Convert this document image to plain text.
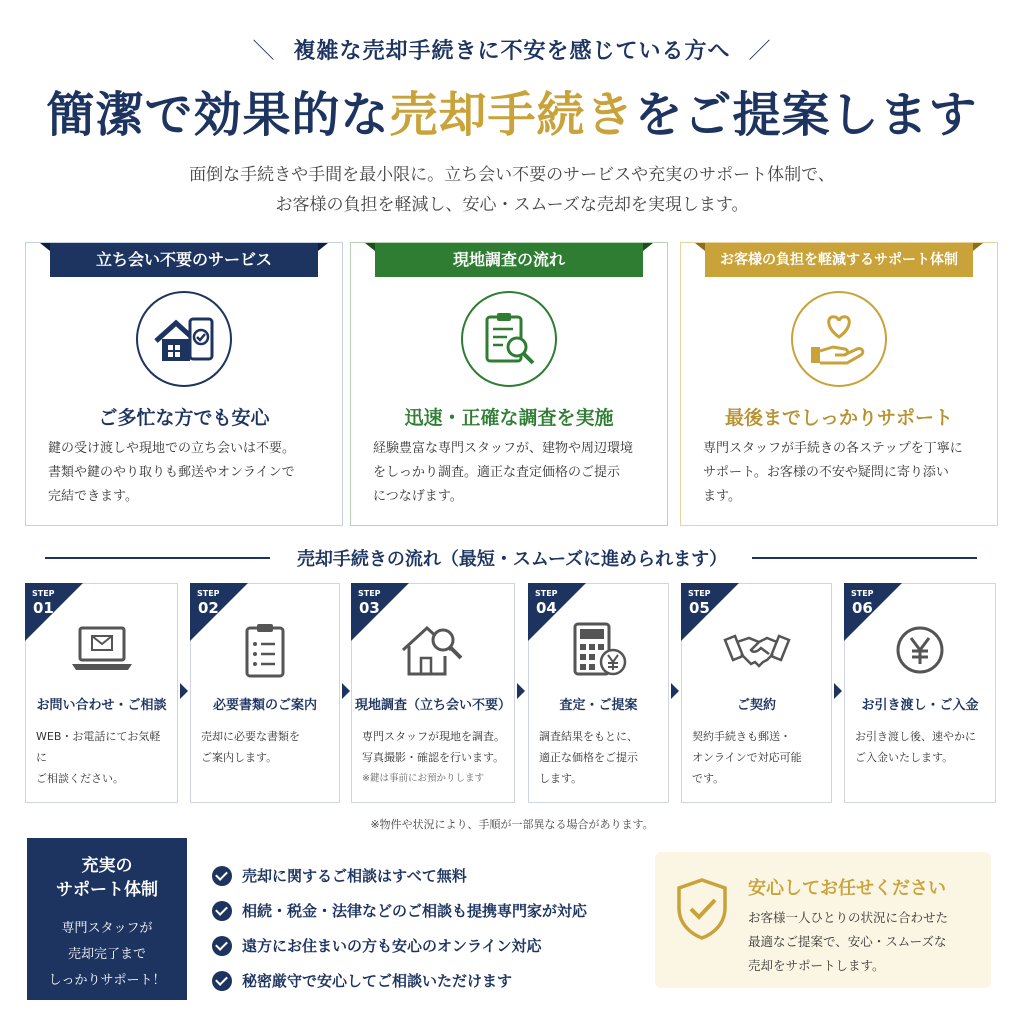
＼ 複雑な売却手続きに不安を感じている方へ ／
簡潔で効果的な売却手続きをご提案します
面倒な手続きや手間を最小限に。立ち会い不要のサービスや充実のサポート体制で、
お客様の負担を軽減し、安心・スムーズな売却を実現します。
立ち会い不要のサービス
ご多忙な方でも安心
鍵の受け渡しや現地での立ち会いは不要。
書類や鍵のやり取りも郵送やオンラインで
完結できます。
現地調査の流れ
迅速・正確な調査を実施
経験豊富な専門スタッフが、建物や周辺環境
をしっかり調査。適正な査定価格のご提示
につなげます。
お客様の負担を軽減するサポート体制
最後までしっかりサポート
専門スタッフが手続きの各ステップを丁寧に
サポート。お客様の不安や疑問に寄り添い
ます。
売却手続きの流れ（最短・スムーズに進められます）
STEP
01
お問い合わせ・ご相談
WEB・お電話にてお気軽に
ご相談ください。
STEP
02
必要書類のご案内
売却に必要な書類を
ご案内します。
STEP
03
現地調査（立ち会い不要）
専門スタッフが現地を調査。
写真撮影・確認を行います。
※鍵は事前にお預かりします
STEP
04
査定・ご提案
調査結果をもとに、
適正な価格をご提示
します。
STEP
05
ご契約
契約手続きも郵送・
オンラインで対応可能
です。
STEP
06
お引き渡し・ご入金
お引き渡し後、速やかに
ご入金いたします。
※物件や状況により、手順が一部異なる場合があります。
充実の
サポート体制
専門スタッフが
売却完了まで
しっかりサポート！
売却に関するご相談はすべて無料
相続・税金・法律などのご相談も提携専門家が対応
遠方にお住まいの方も安心のオンライン対応
秘密厳守で安心してご相談いただけます
安心してお任せください
お客様一人ひとりの状況に合わせた
最適なご提案で、安心・スムーズな
売却をサポートします。
